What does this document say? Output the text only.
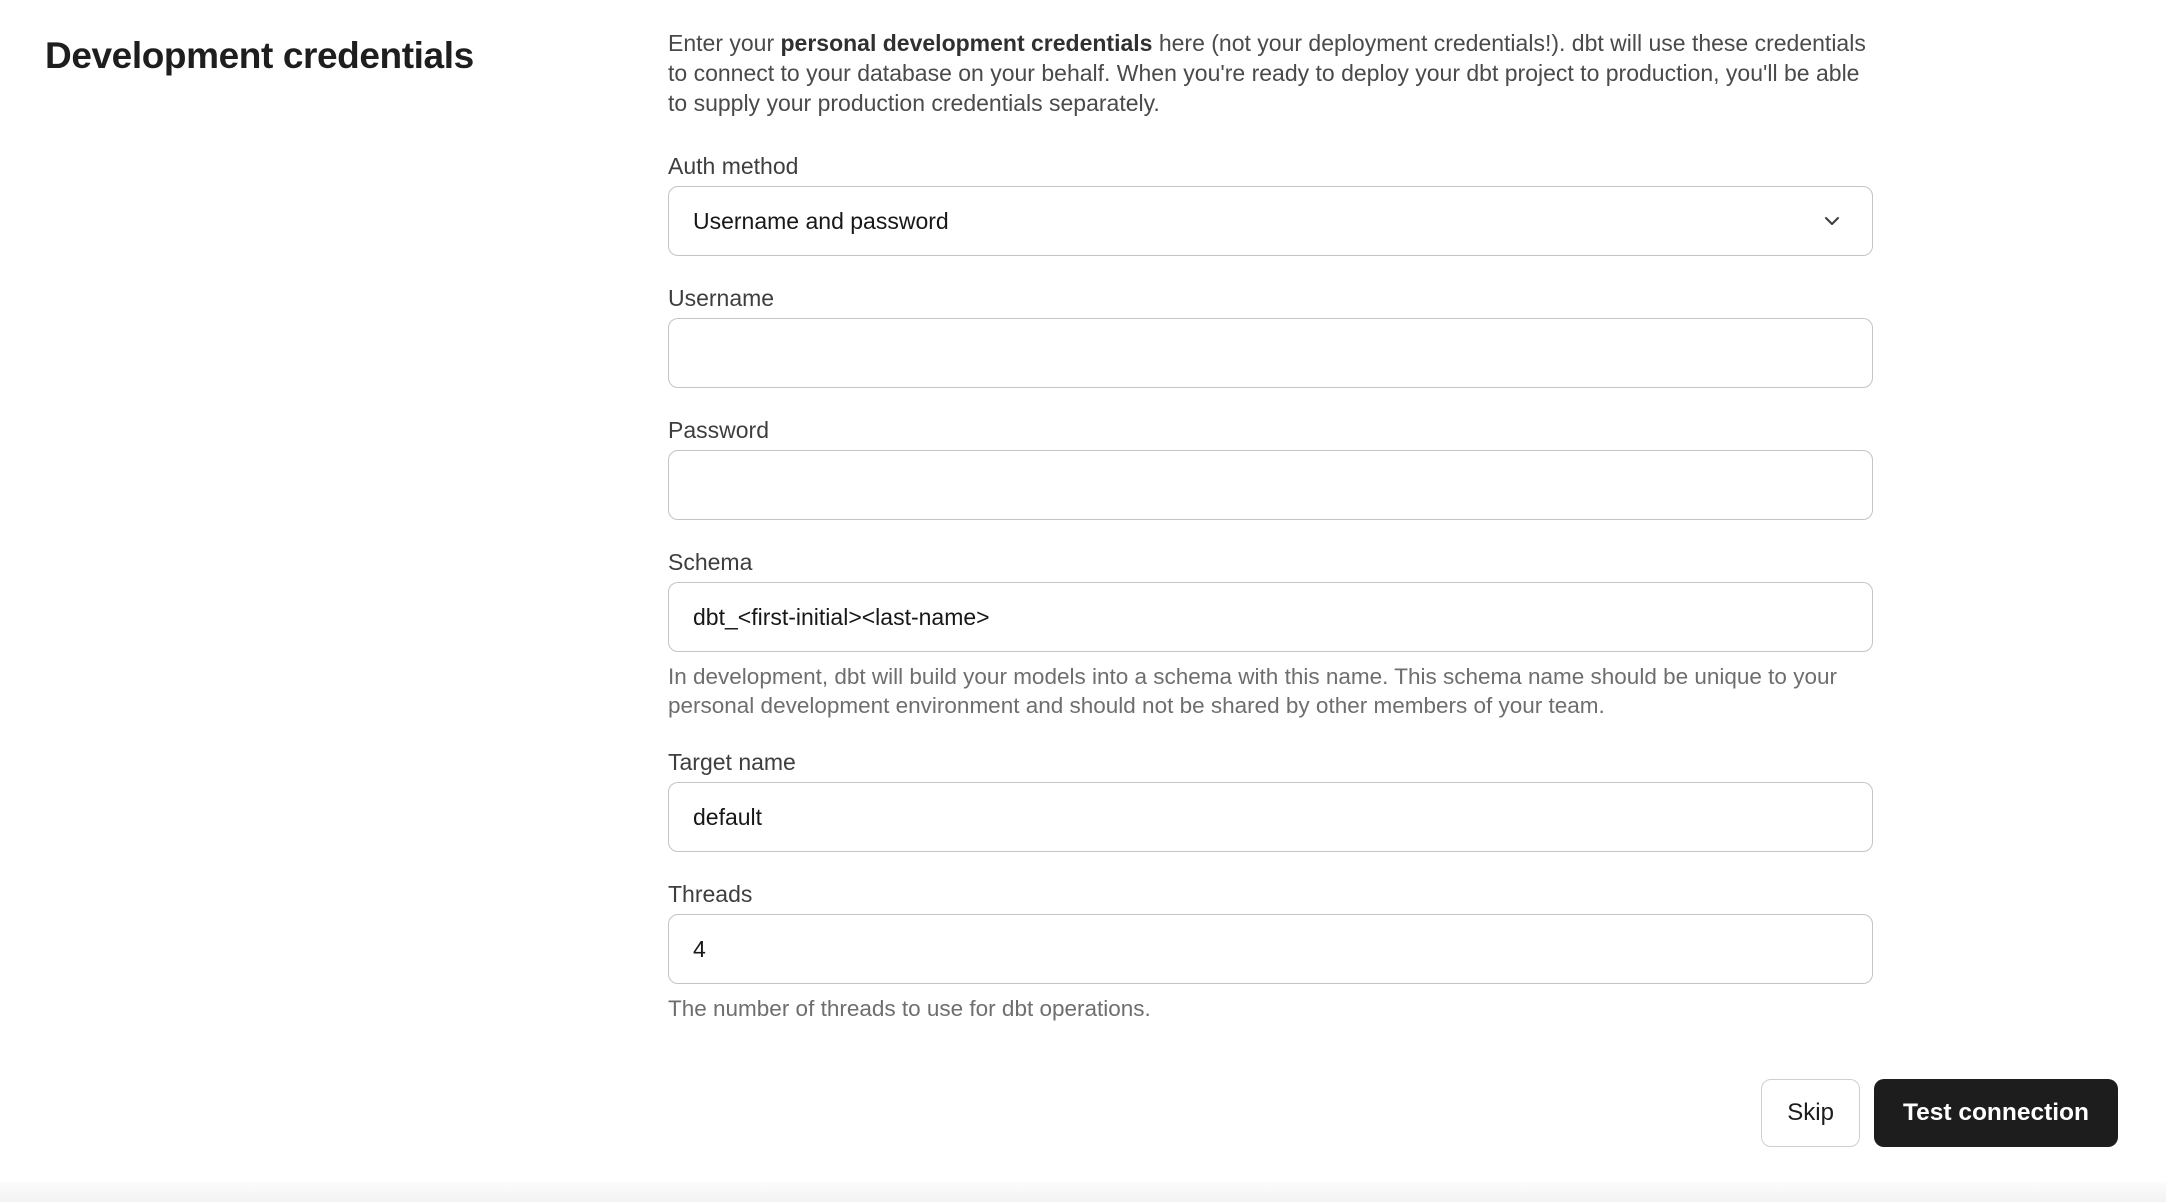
Development credentials	Enter your personal development credentials here (not your deployment credentials!). dbt will use these credentials to connect to your database on your behalf. When you're ready to deploy your dbt project to production, you'll be able to supply your production credentials separately.

Auth method
Username and password
Username
Password
Schema
dbt_<first-initial><last-name>
In development, dbt will build your models into a schema with this name. This schema name should be unique to your personal development environment and should not be shared by other members of your team.
Target name
default
Threads
4
The number of threads to use for dbt operations.
Skip	Test connection
